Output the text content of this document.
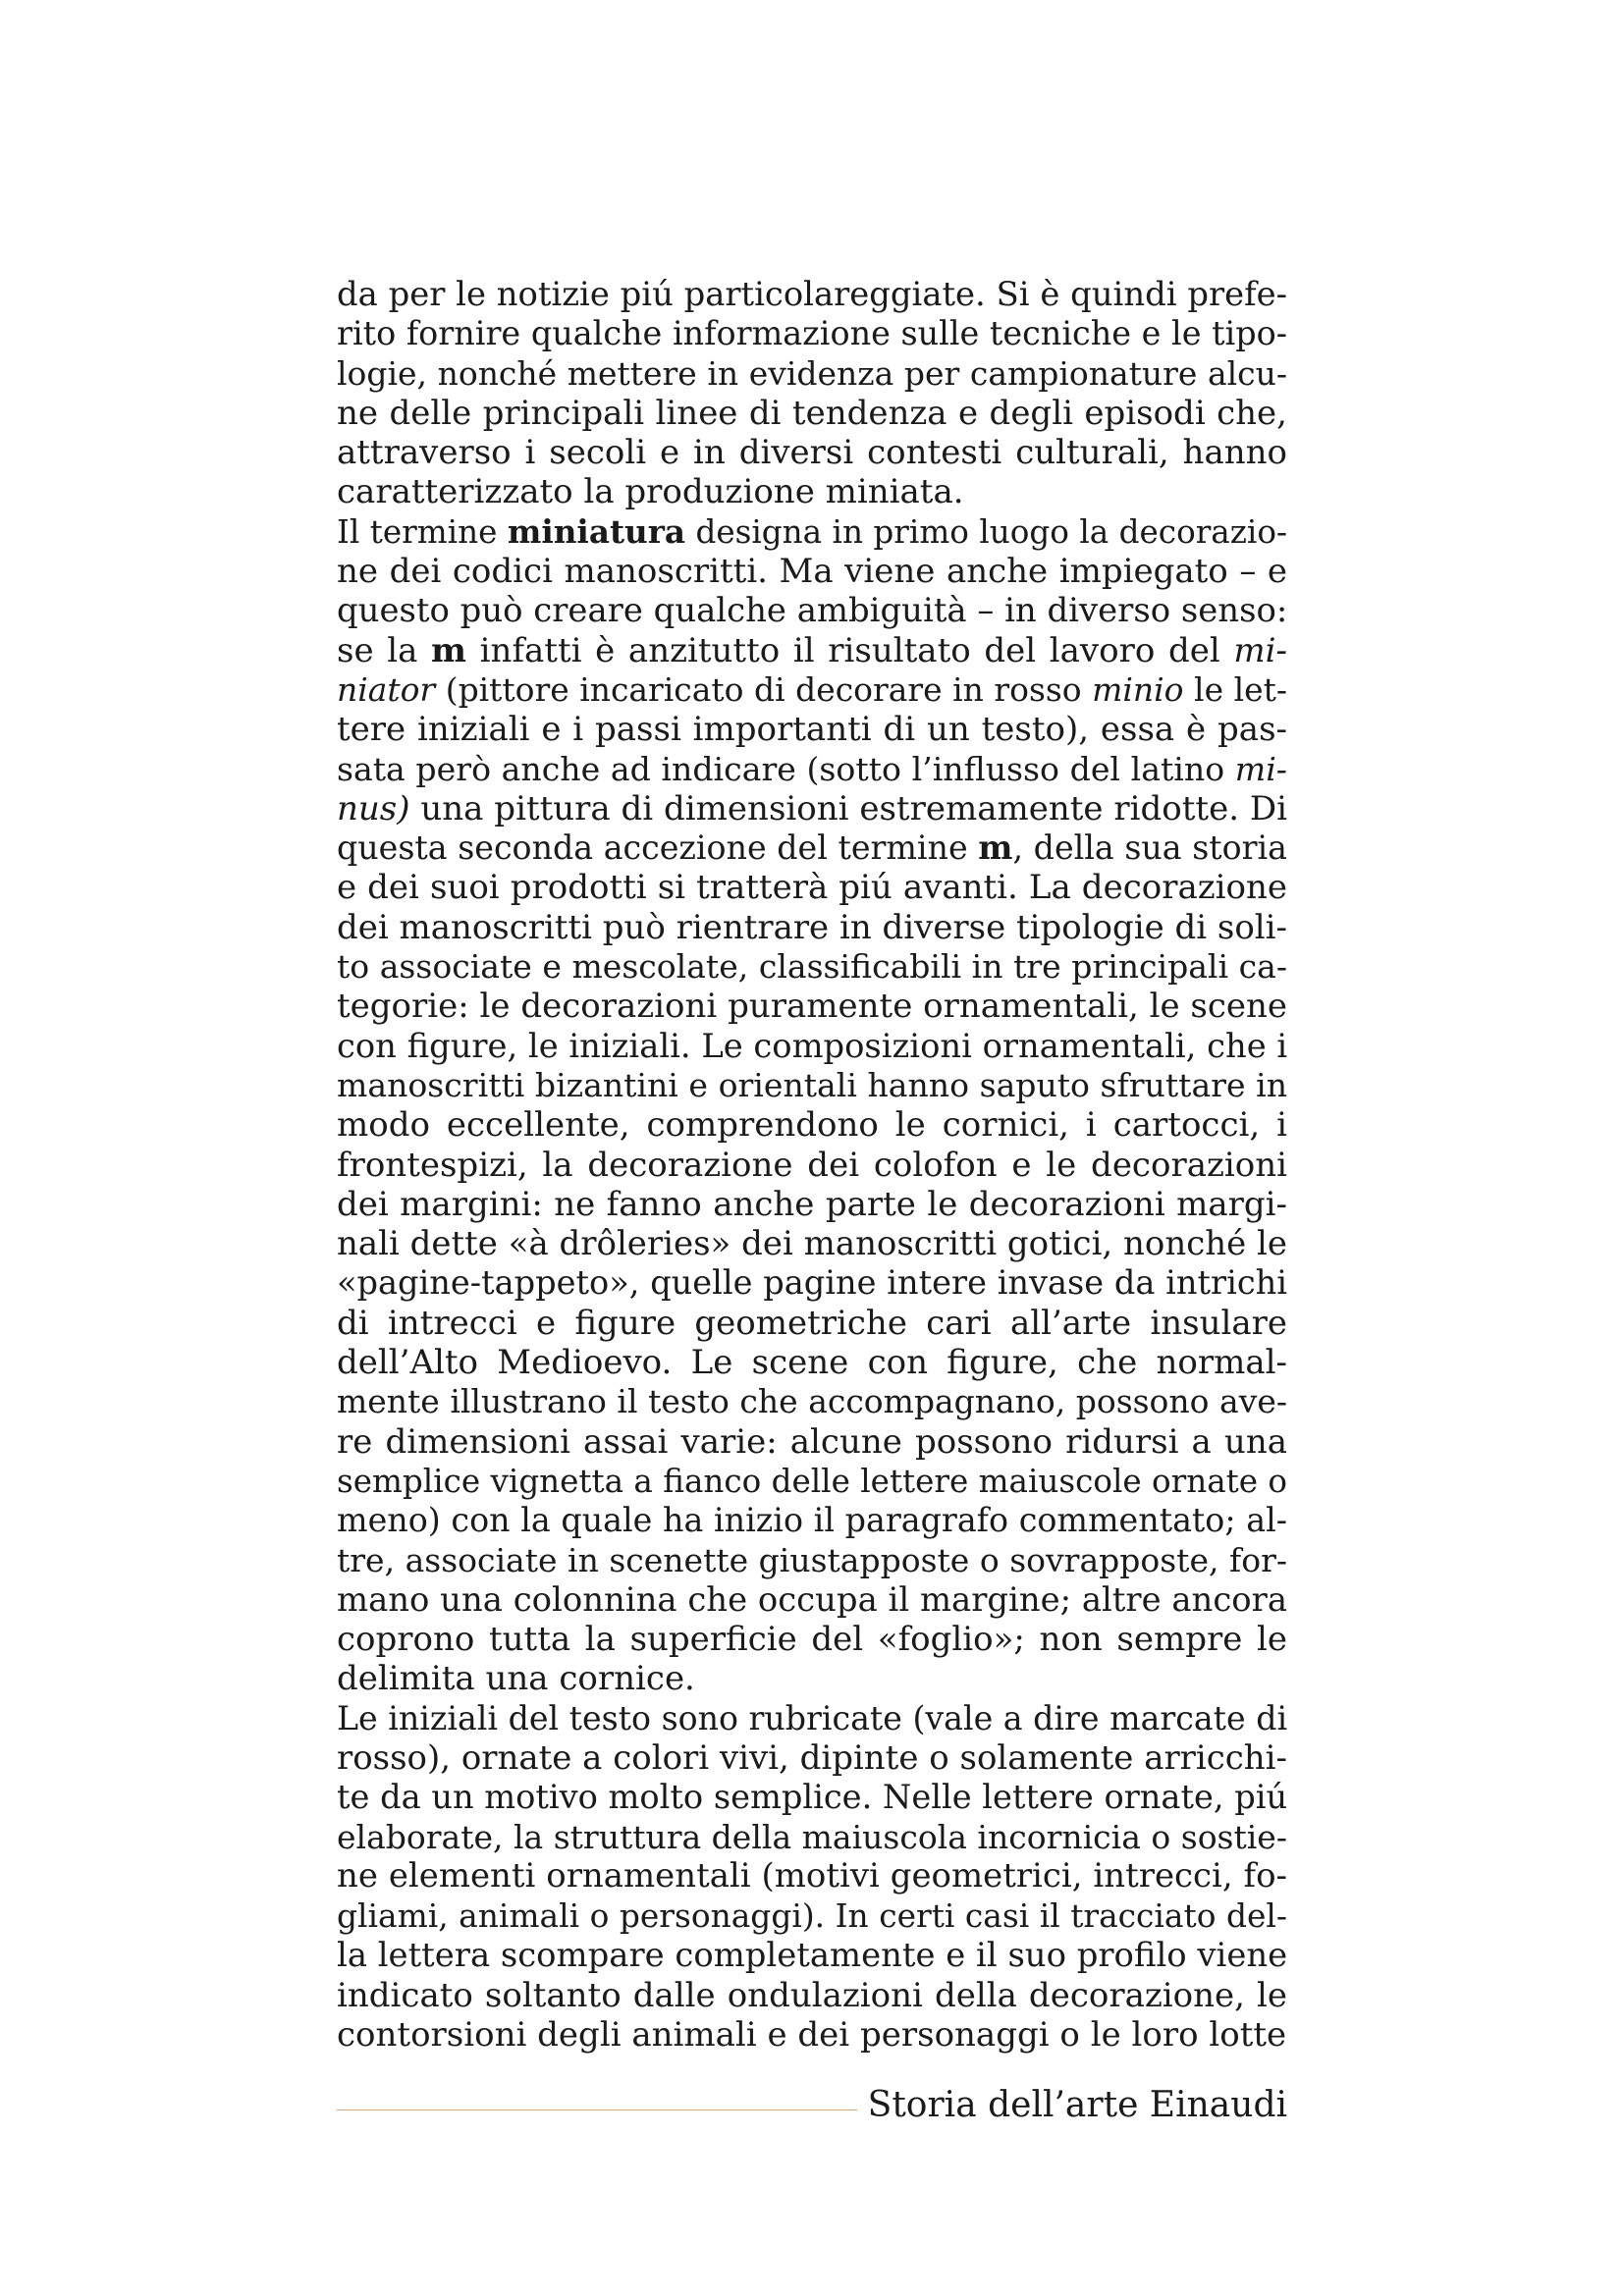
da per le notizie piú particolareggiate. Si è quindi prefe-
rito fornire qualche informazione sulle tecniche e le tipo-
logie, nonché mettere in evidenza per campionature alcu-
ne delle principali linee di tendenza e degli episodi che,
attraverso i secoli e in diversi contesti culturali, hanno
caratterizzato la produzione miniata.
Il termine miniatura designa in primo luogo la decorazio-
ne dei codici manoscritti. Ma viene anche impiegato – e
questo può creare qualche ambiguità – in diverso senso:
se la m infatti è anzitutto il risultato del lavoro del mi-
niator (pittore incaricato di decorare in rosso minio le let-
tere iniziali e i passi importanti di un testo), essa è pas-
sata però anche ad indicare (sotto l’influsso del latino mi-
nus) una pittura di dimensioni estremamente ridotte. Di
questa seconda accezione del termine m, della sua storia
e dei suoi prodotti si tratterà piú avanti. La decorazione
dei manoscritti può rientrare in diverse tipologie di soli-
to associate e mescolate, classificabili in tre principali ca-
tegorie: le decorazioni puramente ornamentali, le scene
con figure, le iniziali. Le composizioni ornamentali, che i
manoscritti bizantini e orientali hanno saputo sfruttare in
modo eccellente, comprendono le cornici, i cartocci, i
frontespizi, la decorazione dei colofon e le decorazioni
dei margini: ne fanno anche parte le decorazioni margi-
nali dette «à drôleries» dei manoscritti gotici, nonché le
«pagine-tappeto», quelle pagine intere invase da intrichi
di intrecci e figure geometriche cari all’arte insulare
dell’Alto Medioevo. Le scene con figure, che normal-
mente illustrano il testo che accompagnano, possono ave-
re dimensioni assai varie: alcune possono ridursi a una
semplice vignetta a fianco delle lettere maiuscole ornate o
meno) con la quale ha inizio il paragrafo commentato; al-
tre, associate in scenette giustapposte o sovrapposte, for-
mano una colonnina che occupa il margine; altre ancora
coprono tutta la superficie del «foglio»; non sempre le
delimita una cornice.
Le iniziali del testo sono rubricate (vale a dire marcate di
rosso), ornate a colori vivi, dipinte o solamente arricchi-
te da un motivo molto semplice. Nelle lettere ornate, piú
elaborate, la struttura della maiuscola incornicia o sostie-
ne elementi ornamentali (motivi geometrici, intrecci, fo-
gliami, animali o personaggi). In certi casi il tracciato del-
la lettera scompare completamente e il suo profilo viene
indicato soltanto dalle ondulazioni della decorazione, le
contorsioni degli animali e dei personaggi o le loro lotte
Storia dell’arte Einaudi
